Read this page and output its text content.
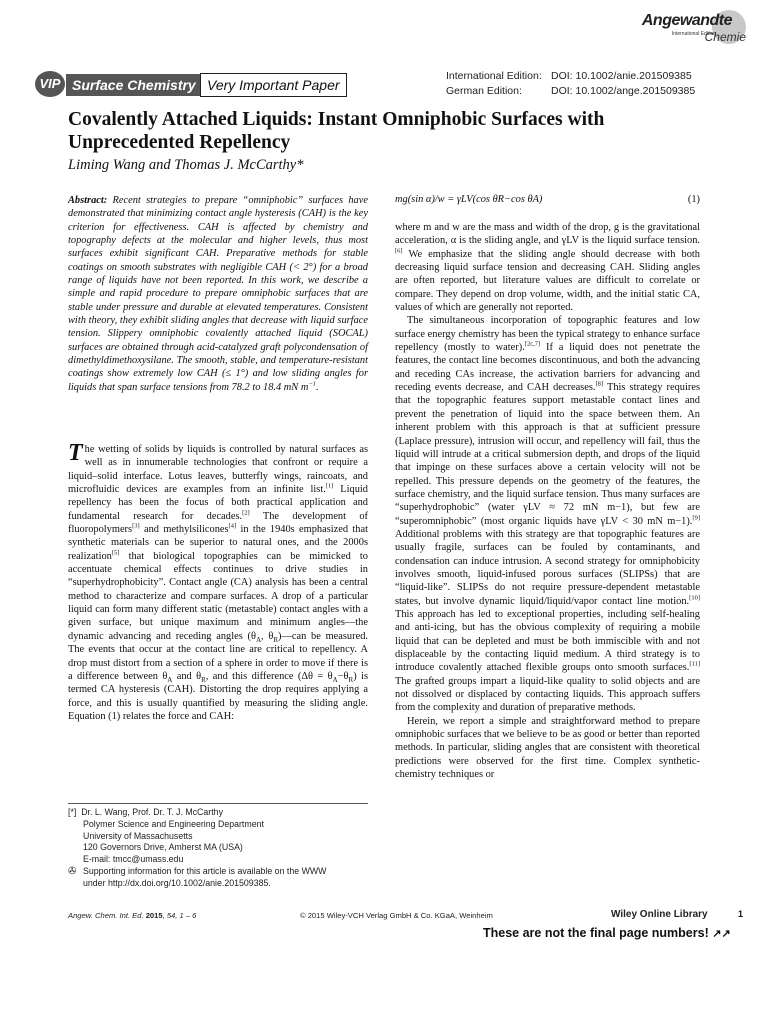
Angewandte
International Edition
Chemie
VIP Surface Chemistry Very Important Paper
International Edition: DOI: 10.1002/anie.201509385
German Edition:	DOI: 10.1002/ange.201509385
Covalently Attached Liquids: Instant Omniphobic Surfaces with Unprecedented Repellency
Liming Wang and Thomas J. McCarthy*

Abstract: Recent strategies to prepare “omniphobic” surfaces have demonstrated that minimizing contact angle hysteresis (CAH) is the key criterion for effectiveness. CAH is affected by chemistry and topography defects at the molecular and higher levels, thus most surfaces exhibit significant CAH. Preparative methods for stable coatings on smooth substrates with negligible CAH (< 2°) for a broad range of liquids have not been reported. In this work, we describe a simple and rapid procedure to prepare omniphobic surfaces that are stable under pressure and durable at elevated temperatures. Consistent with theory, they exhibit sliding angles that decrease with liquid surface tension. Slippery omniphobic covalently attached liquid (SOCAL) surfaces are obtained through acid-catalyzed graft polycondensation of dimethyldimethoxysilane. The smooth, stable, and temperature-resistant coatings show extremely low CAH (≤ 1°) and low sliding angles for liquids that span surface tensions from 78.2 to 18.4 mN $m^{-1}$.

The wetting of solids by liquids is controlled by natural surfaces as well as in innumerable technologies that confront or require a liquid–solid interface. Lotus leaves, butterfly wings, raincoats, and microfluidic devices are examples from an infinite list.[1] Liquid repellency has been the focus of both practical application and fundamental research for decades.[2] The development of fluoropolymers[3] and methylsilicones[4] in the 1940s emphasized that synthetic materials can be superior to natural ones, and the 2000s realization[5] that biological topographies can be mimicked to accentuate chemical effects continues to drive studies in “superhydrophobicity”. Contact angle (CA) analysis has been a central method to characterize and compare surfaces. A drop of a particular liquid can form many different static (metastable) contact angles with a given surface, but unique maximum and minimum angles—the dynamic advancing and receding angles ($\theta_A$, $\theta_R)—can$ be measured. The events that occur at the contact line are critical to repellency. A drop must distort from a section of a sphere in order to move if there is a difference between $\theta_A$ and $\theta_R$, and this difference $(\Delta\theta = \theta_A-\theta_R)$ is termed CA hysteresis (CAH). Distorting the drop requires applying a force, and this is usually quantified by measuring the sliding angle. Equation (1) relates the force and CAH:

mg(sin α)/w = γLV(cos θR−cos θA)	(1)

where m and w are the mass and width of the drop, g is the gravitational acceleration, α is the sliding angle, and γLV is the liquid surface tension.[6] We emphasize that the sliding angle should decrease with both decreasing liquid surface tension and decreasing CAH. Sliding angles are often reported, but literature values are difficult to correlate or compare. They depend on drop volume, width, and the initial static CA, values of which are generally not reported.

The simultaneous incorporation of topographic features and low surface energy chemistry has been the typical strategy to enhance surface repellency (mostly to water).[2c,7] If a liquid does not penetrate the features, the contact line becomes discontinuous, and both the advancing and receding CAs increase, the activation barriers for advancing and receding events decrease, and CAH decreases.[8] This strategy requires that the topographic features support metastable contact lines and prevent the penetration of liquid into the space between them. An inherent problem with this approach is that at sufficient pressure (Laplace pressure), intrusion will occur, and repellency will fail, thus the liquid will intrude at a critical submersion depth, and drops of the liquid that impinge on these surfaces above a certain velocity will not be repelled. This pressure depends on the geometry of the features, the surface chemistry, and the liquid surface tension. Thus many surfaces are “superhydrophobic” (water γLV ≈ 72 mN m−1), but few are “superomniphobic” (most organic liquids have γLV < 30 mN m−1).[9] Additional problems with this strategy are that topographic features are usually fragile, surfaces can be fouled by contaminants, and condensation can induce intrusion. A second strategy for omniphobicity involves smooth, liquid-infused porous surfaces (SLIPSs) that are “liquid-like”. SLIPSs do not require pressure-dependent metastable states, but involve dynamic liquid/liquid/vapor contact line motion.[10] This approach has led to exceptional properties, including self-healing and anti-icing, but has the obvious complexity of requiring a mobile liquid that can be depleted and must be both immiscible with and not displaceable by the contacting liquid medium. A third strategy is to introduce covalently attached flexible groups onto smooth surfaces.[11] The grafted groups impart a liquid-like quality to solid objects and are not dissolved or displaced by contacting liquids. This approach suffers from the complexity and duration of preparative methods.

Herein, we report a simple and straightforward method to prepare omniphobic surfaces that we believe to be as good or better than reported methods. In particular, sliding angles that are consistent with theoretical predictions were observed for the first time. Complex synthetic-chemistry techniques or

[*] Dr. L. Wang, Prof. Dr. T. J. McCarthy
Polymer Science and Engineering Department
University of Massachusetts
120 Governors Drive, Amherst MA (USA)
E-mail: tmcc@umass.edu
✇ Supporting information for this article is available on the WWW
under http://dx.doi.org/10.1002/anie.201509385.
Angew. Chem. Int. Ed. 2015, 54, 1 – 6	© 2015 Wiley-VCH Verlag GmbH & Co. KGaA, Weinheim	Wiley Online Library	1
These are not the final page numbers! ↗↗
